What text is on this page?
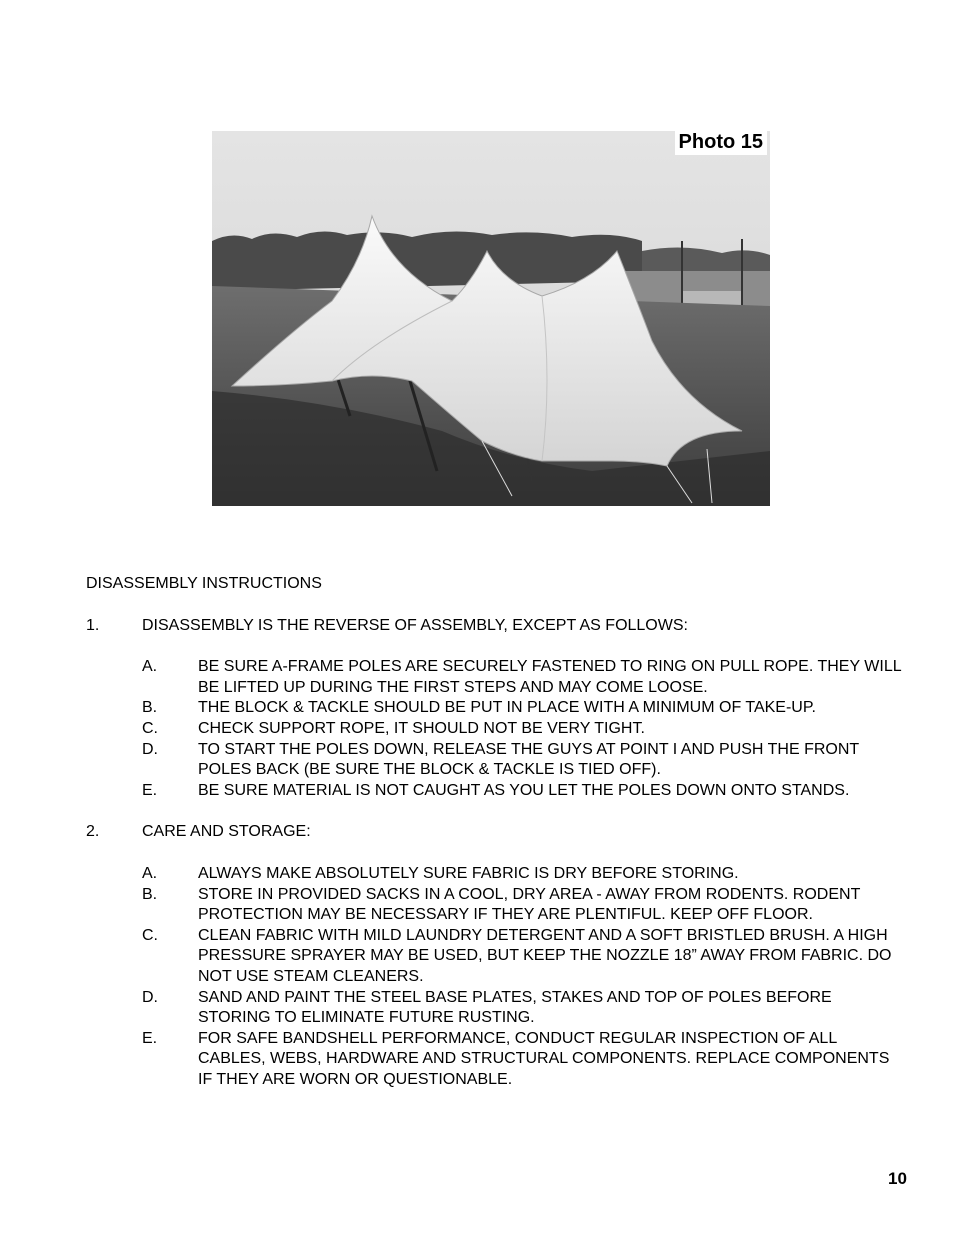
Photo 15
DISASSEMBLY INSTRUCTIONS
1.	DISASSEMBLY IS THE REVERSE OF ASSEMBLY, EXCEPT AS FOLLOWS:
A.	BE SURE A-FRAME POLES ARE SECURELY FASTENED TO RING ON PULL ROPE. THEY WILL BE LIFTED UP DURING THE FIRST STEPS AND MAY COME LOOSE.
B.	THE BLOCK & TACKLE SHOULD BE PUT IN PLACE WITH A MINIMUM OF TAKE-UP.
C.	CHECK SUPPORT ROPE, IT SHOULD NOT BE VERY TIGHT.
D.	TO START THE POLES DOWN, RELEASE THE GUYS AT POINT I AND PUSH THE FRONT POLES BACK (BE SURE THE BLOCK & TACKLE IS TIED OFF).
E.	BE SURE MATERIAL IS NOT CAUGHT AS YOU LET THE POLES DOWN ONTO STANDS.
2.	CARE AND STORAGE:
A.	ALWAYS MAKE ABSOLUTELY SURE FABRIC IS DRY BEFORE STORING.
B.	STORE IN PROVIDED SACKS IN A COOL, DRY AREA - AWAY FROM RODENTS. RODENT PROTECTION MAY BE NECESSARY IF THEY ARE PLENTIFUL. KEEP OFF FLOOR.
C.	CLEAN FABRIC WITH MILD LAUNDRY DETERGENT AND A SOFT BRISTLED BRUSH. A HIGH PRESSURE SPRAYER MAY BE USED, BUT KEEP THE NOZZLE 18” AWAY FROM FABRIC. DO NOT USE STEAM CLEANERS.
D.	SAND AND PAINT THE STEEL BASE PLATES, STAKES AND TOP OF POLES BEFORE STORING TO ELIMINATE FUTURE RUSTING.
E.	FOR SAFE BANDSHELL PERFORMANCE, CONDUCT REGULAR INSPECTION OF ALL CABLES, WEBS, HARDWARE AND STRUCTURAL COMPONENTS. REPLACE COMPONENTS IF THEY ARE WORN OR QUESTIONABLE.
10
